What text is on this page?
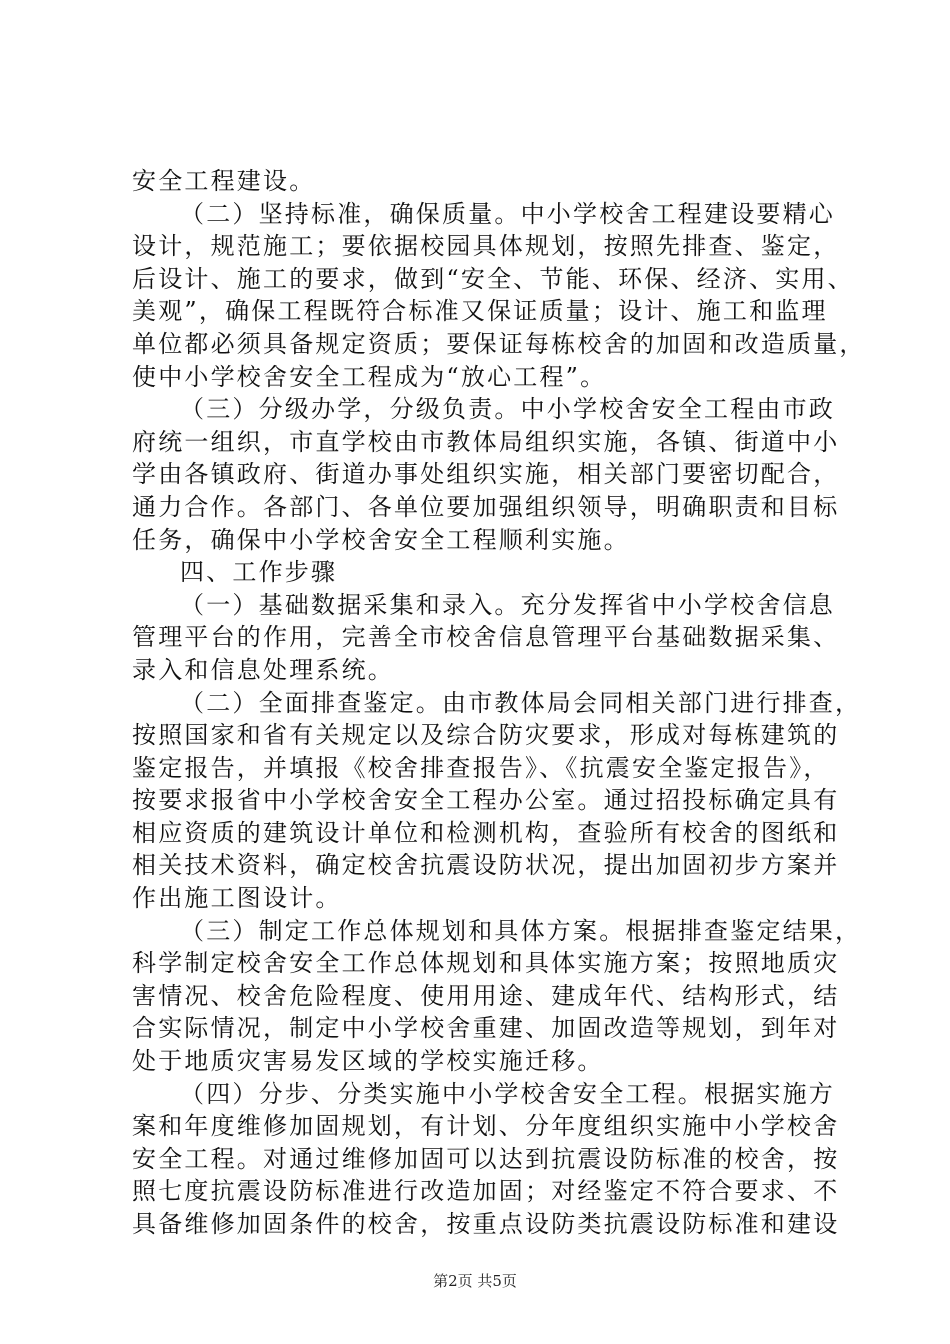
安全工程建设。
（二）坚持标准，确保质量。中小学校舍工程建设要精心
设计，规范施工；要依据校园具体规划，按照先排查、鉴定，
后设计、施工的要求，做到“安全、节能、环保、经济、实用、
美观”，确保工程既符合标准又保证质量；设计、施工和监理
单位都必须具备规定资质；要保证每栋校舍的加固和改造质量，
使中小学校舍安全工程成为“放心工程”。
（三）分级办学，分级负责。中小学校舍安全工程由市政
府统一组织，市直学校由市教体局组织实施，各镇、街道中小
学由各镇政府、街道办事处组织实施，相关部门要密切配合，
通力合作。各部门、各单位要加强组织领导，明确职责和目标
任务，确保中小学校舍安全工程顺利实施。
四、工作步骤
（一）基础数据采集和录入。充分发挥省中小学校舍信息
管理平台的作用，完善全市校舍信息管理平台基础数据采集、
录入和信息处理系统。
（二）全面排查鉴定。由市教体局会同相关部门进行排查，
按照国家和省有关规定以及综合防灾要求，形成对每栋建筑的
鉴定报告，并填报《校舍排查报告》、《抗震安全鉴定报告》，
按要求报省中小学校舍安全工程办公室。通过招投标确定具有
相应资质的建筑设计单位和检测机构，查验所有校舍的图纸和
相关技术资料，确定校舍抗震设防状况，提出加固初步方案并
作出施工图设计。
（三）制定工作总体规划和具体方案。根据排查鉴定结果，
科学制定校舍安全工作总体规划和具体实施方案；按照地质灾
害情况、校舍危险程度、使用用途、建成年代、结构形式，结
合实际情况，制定中小学校舍重建、加固改造等规划，到年对
处于地质灾害易发区域的学校实施迁移。
（四）分步、分类实施中小学校舍安全工程。根据实施方
案和年度维修加固规划，有计划、分年度组织实施中小学校舍
安全工程。对通过维修加固可以达到抗震设防标准的校舍，按
照七度抗震设防标准进行改造加固；对经鉴定不符合要求、不
具备维修加固条件的校舍，按重点设防类抗震设防标准和建设
第2页 共5页
